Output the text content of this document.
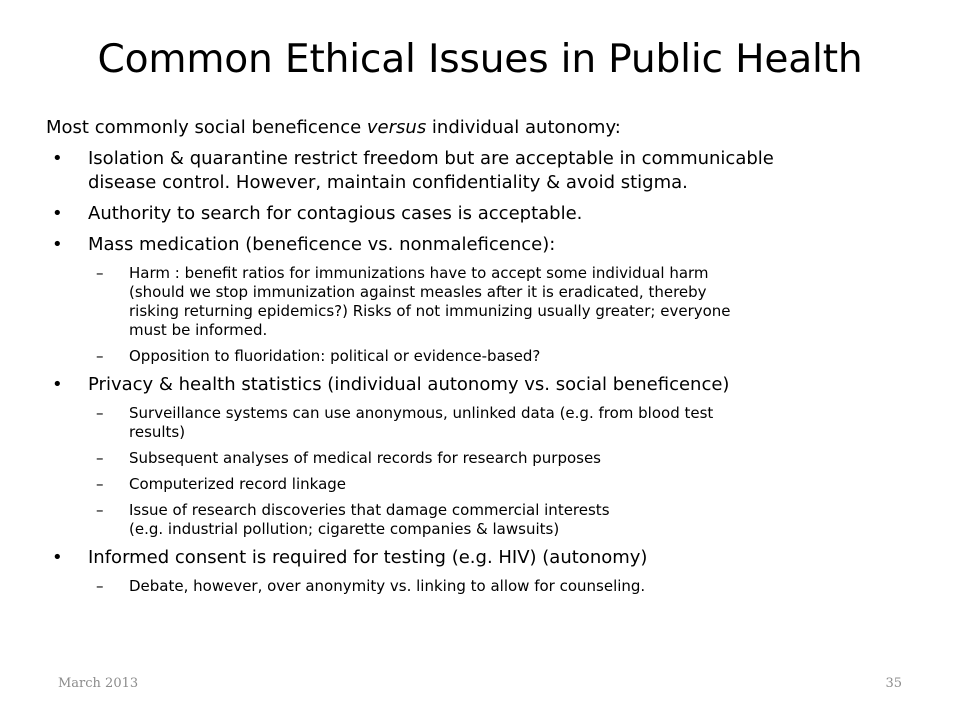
Common Ethical Issues in Public Health
Most commonly social beneficence versus individual autonomy:
• Isolation & quarantine restrict freedom but are acceptable in communicable
disease control. However, maintain confidentiality & avoid stigma.
• Authority to search for contagious cases is acceptable.
• Mass medication (beneficence vs. nonmaleficence):
– Harm : benefit ratios for immunizations have to accept some individual harm
(should we stop immunization against measles after it is eradicated, thereby
risking returning epidemics?) Risks of not immunizing usually greater; everyone
must be informed.
– Opposition to fluoridation: political or evidence-based?
• Privacy & health statistics (individual autonomy vs. social beneficence)
– Surveillance systems can use anonymous, unlinked data (e.g. from blood test
results)
– Subsequent analyses of medical records for research purposes
– Computerized record linkage
– Issue of research discoveries that damage commercial interests
(e.g. industrial pollution; cigarette companies & lawsuits)
• Informed consent is required for testing (e.g. HIV) (autonomy)
– Debate, however, over anonymity vs. linking to allow for counseling.
March 2013	35
